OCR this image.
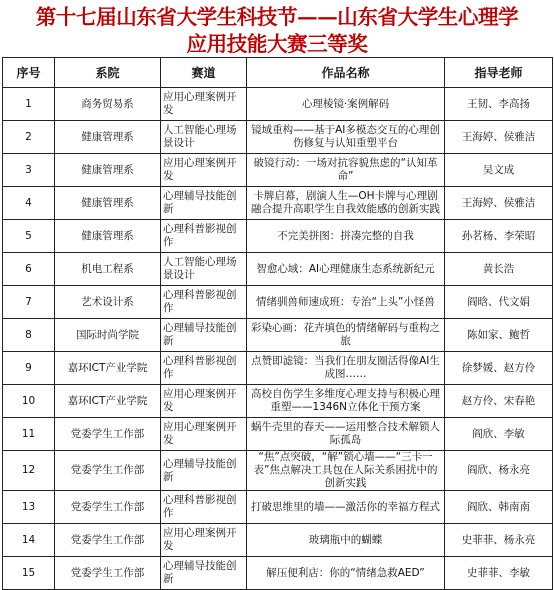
第十七届山东省大学生科技节——山东省大学生心理学
应用技能大赛三等奖
序号	系院	赛道	作品名称	指导老师
1	商务贸易系	应用心理案例开发	心理棱镜·案例解码	王韧、李高扬
2	健康管理系	人工智能心理场景设计	镜域重构——基于AI多模态交互的心理创伤修复与认知重塑平台	王海婷、侯雅洁
3	健康管理系	应用心理案例开发	破镜行动：一场对抗容貌焦虑的“认知革命”	吴文成
4	健康管理系	心理辅导技能创新	卡牌启幕，剧演人生—OH卡牌与心理剧融合提升高职学生自我效能感的创新实践	王海婷、侯雅洁
5	健康管理系	心理科普影视创作	不完美拼图：拼凑完整的自我	孙茗杨、李荣昭
6	机电工程系	人工智能心理场景设计	智愈心域：AI心理健康生态系统新纪元	黄长浩
7	艺术设计系	心理科普影视创作	情绪驯兽师速成班：专治“上头”小怪兽	阎晗、代文娟
8	国际时尚学院	心理辅导技能创新	彩染心画：花卉填色的情绪解码与重构之旅	陈如家、鲍哲
9	嘉环ICT产业学院	心理科普影视创作	点赞即滤镜：当我们在朋友圈活得像AI生成图……	徐梦媛、赵方伶
10	嘉环ICT产业学院	应用心理案例开发	高校自伤学生多维度心理支持与积极心理重塑——1346N立体化干预方案	赵方伶、宋春艳
11	党委学生工作部	应用心理案例开发	蜗牛壳里的春天——运用整合技术解锁人际孤岛	阎欣、李敏
12	党委学生工作部	心理辅导技能创新	“焦”点突破，“解”锁心墙——“三卡一表”焦点解决工具包在人际关系困扰中的创新实践	阎欣、杨永亮
13	党委学生工作部	心理科普影视创作	打破思维里的墙——激活你的幸福方程式	阎欣、韩南南
14	党委学生工作部	应用心理案例开发	玻璃瓶中的蝴蝶	史菲菲、杨永亮
15	党委学生工作部	心理辅导技能创新	解压便利店：你的“情绪急救AED”	史菲菲、李敏
